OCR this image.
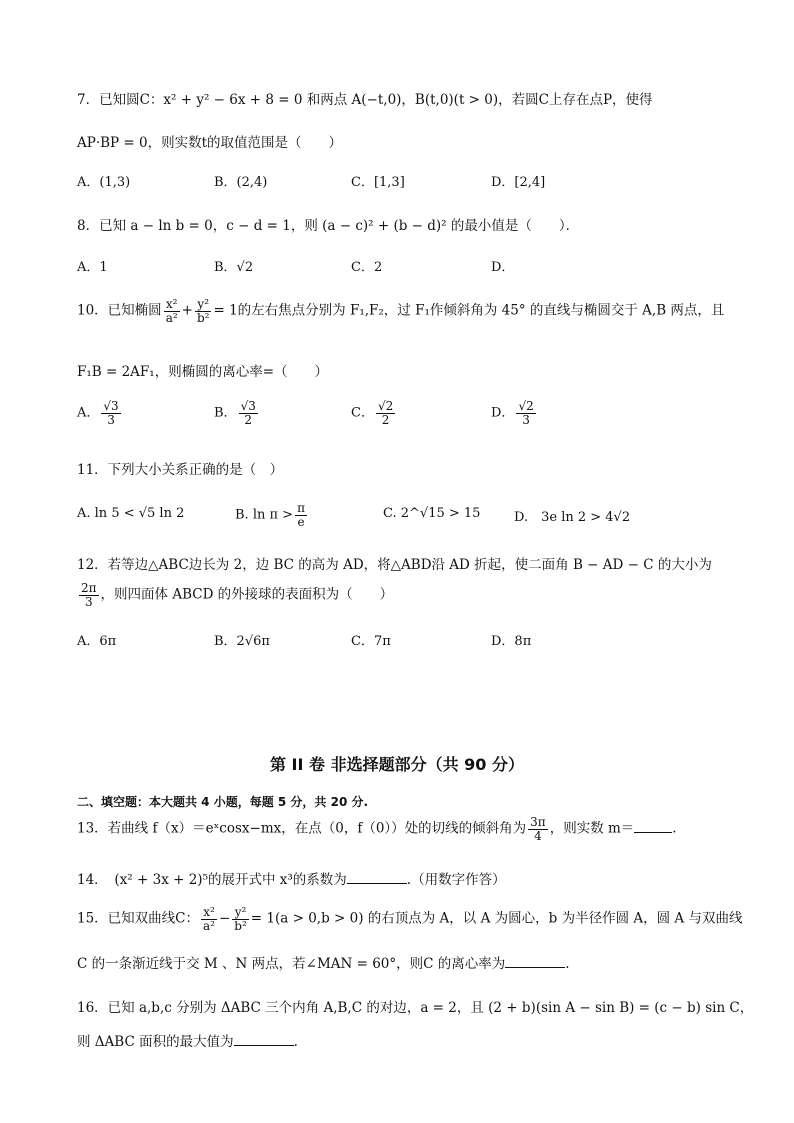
7．已知圆C：x² + y² − 6x + 8 = 0 和两点 A(−t,0)，B(t,0)(t > 0)，若圆C上存在点P，使得
AP·BP = 0，则实数t的取值范围是（　　）
A．(1,3)	B．(2,4)	C．[1,3]	D．[2,4]
8．已知 a − ln b = 0，c − d = 1，则 (a − c)² + (b − d)² 的最小值是（　　）．
A．1	B．√2	C．2	D．
10．已知椭圆 $\frac{\text{x²}}{\text{a²}} + \frac{\text{y²}}{\text{b²}} = 1$的左右焦点分别为 F₁,F₂，过 F₁作倾斜角为 45° 的直线与椭圆交于 A,B 两点，且
F₁B = 2AF₁，则椭圆的离心率=（　　）
A． $\frac{√3}{3}$	B． $\frac{√3}{2}$	C． $\frac{√2}{2}$	D． $\frac{√2}{3}$
11．下列大小关系正确的是（　）
A. ln 5 < √5 ln 2	B. $\ln \pi > \frac{\pi}{e}$	C. 2^√15 > 15	D.　3e ln 2 > 4√2
12．若等边△ABC边长为 2，边 BC 的高为 AD，将△ABD沿 AD 折起，使二面角 B − AD − C 的大小为
$\frac{2\pi}{3}$ ，则四面体 ABCD 的外接球的表面积为（　　）
A．6π	B．2√6π	C．7π	D．8π
第 II 卷 非选择题部分（共 90 分）
二、填空题：本大题共 4 小题，每题 5 分，共 20 分.
13．若曲线 f（x）＝eˣcosx−mx，在点（0，f（0））处的切线的倾斜角为 $\frac{3\pi}{4}$ ，则实数 m＝	.
14．　(x² + 3x + 2)⁵的展开式中 x³的系数为	.（用数字作答）
15．已知双曲线C： $\frac{\text{x²}}{\text{a²}} - \frac{\text{y²}}{\text{b²}} = 1(a > 0,b > 0)$ 的右顶点为 A，以 A 为圆心，b 为半径作圆 A，圆 A 与双曲线
C 的一条渐近线于交 M 、N 两点，若∠MAN = 60°，则C 的离心率为	.
16．已知 a,b,c 分别为 ΔABC 三个内角 A,B,C 的对边，a = 2，且 (2 + b)(sin A − sin B) = (c − b) sin C，
则 ΔABC 面积的最大值为	.
